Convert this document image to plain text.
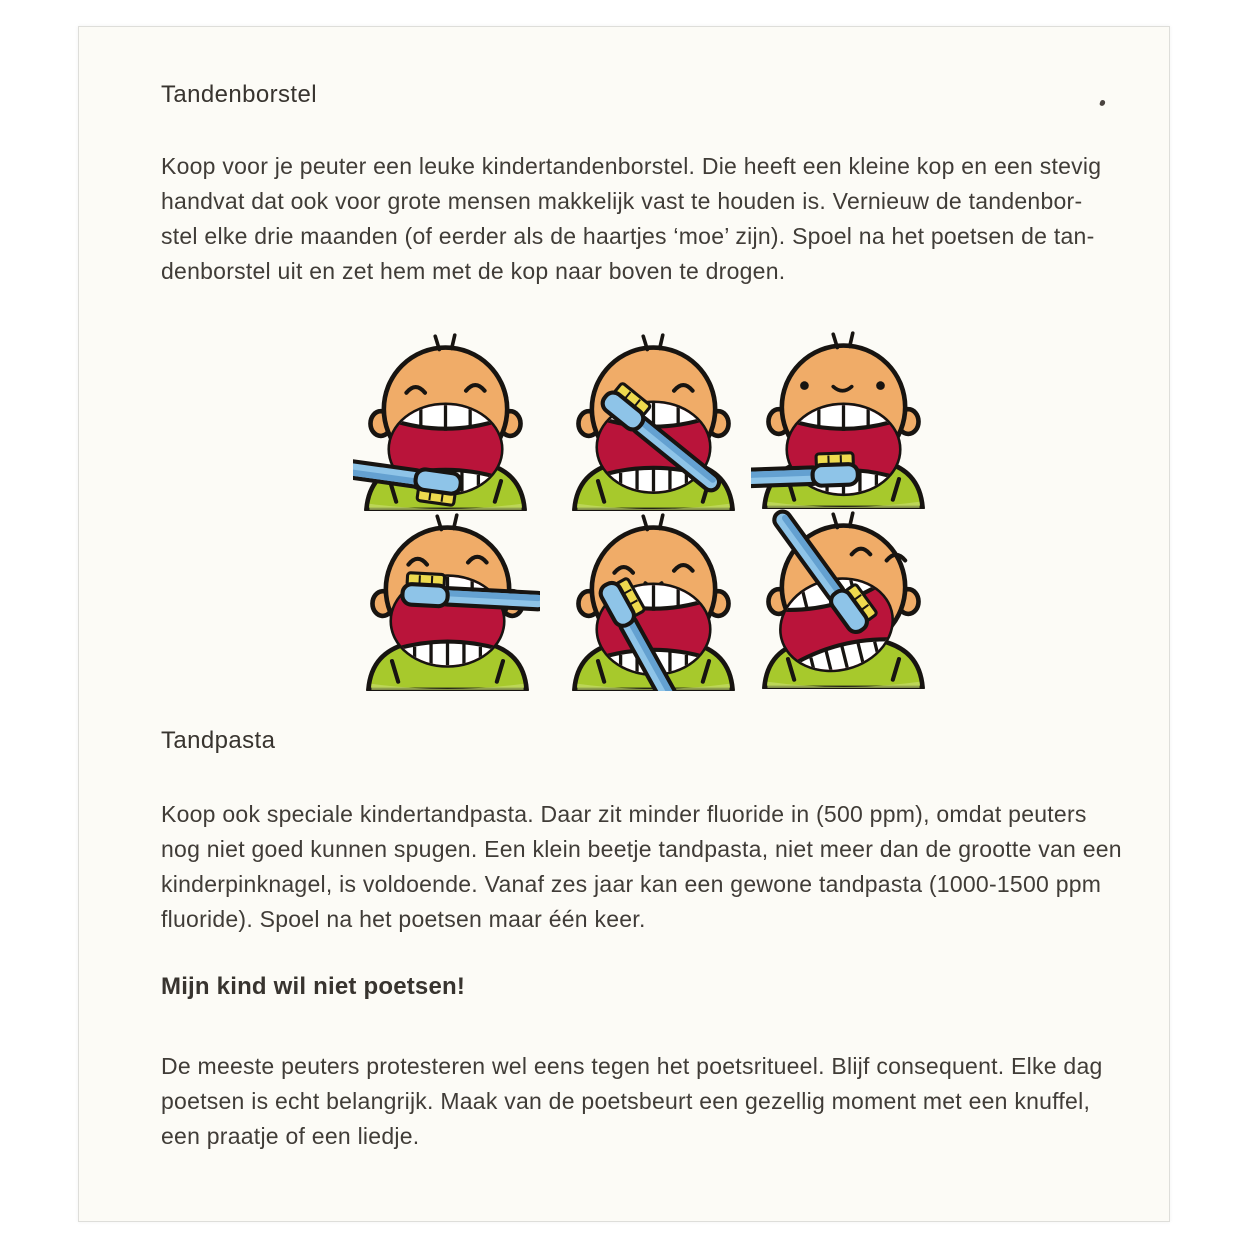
Tandenborstel
Koop voor je peuter een leuke kindertandenborstel. Die heeft een kleine kop en een stevig
handvat dat ook voor grote mensen makkelijk vast te houden is. Vernieuw de tandenbor-
stel elke drie maanden (of eerder als de haartjes ‘moe’ zijn). Spoel na het poetsen de tan-
denborstel uit en zet hem met de kop naar boven te drogen.
Tandpasta
Koop ook speciale kindertandpasta. Daar zit minder fluoride in (500 ppm), omdat peuters
nog niet goed kunnen spugen. Een klein beetje tandpasta, niet meer dan de grootte van een
kinderpinknagel, is voldoende. Vanaf zes jaar kan een gewone tandpasta (1000-1500 ppm
fluoride). Spoel na het poetsen maar één keer.
Mijn kind wil niet poetsen!
De meeste peuters protesteren wel eens tegen het poetsritueel. Blijf consequent. Elke dag
poetsen is echt belangrijk. Maak van de poetsbeurt een gezellig moment met een knuffel,
een praatje of een liedje.
